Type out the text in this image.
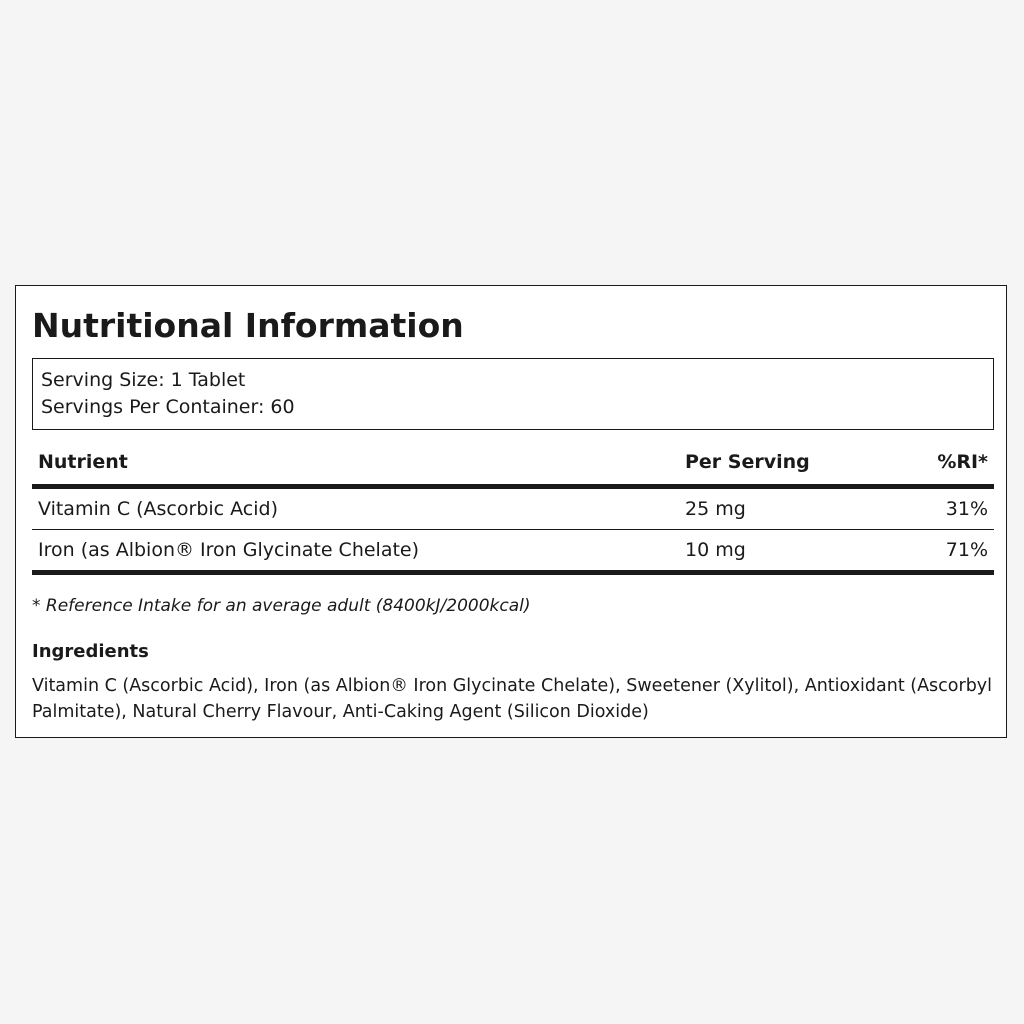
Nutritional Information
Serving Size: 1 Tablet
Servings Per Container: 60
Nutrient	Per Serving	%RI*
Vitamin C (Ascorbic Acid)	25 mg	31%
Iron (as Albion® Iron Glycinate Chelate)	10 mg	71%
* Reference Intake for an average adult (8400kJ/2000kcal)
Ingredients
Vitamin C (Ascorbic Acid), Iron (as Albion® Iron Glycinate Chelate), Sweetener (Xylitol), Antioxidant (Ascorbyl Palmitate), Natural Cherry Flavour, Anti-Caking Agent (Silicon Dioxide)
